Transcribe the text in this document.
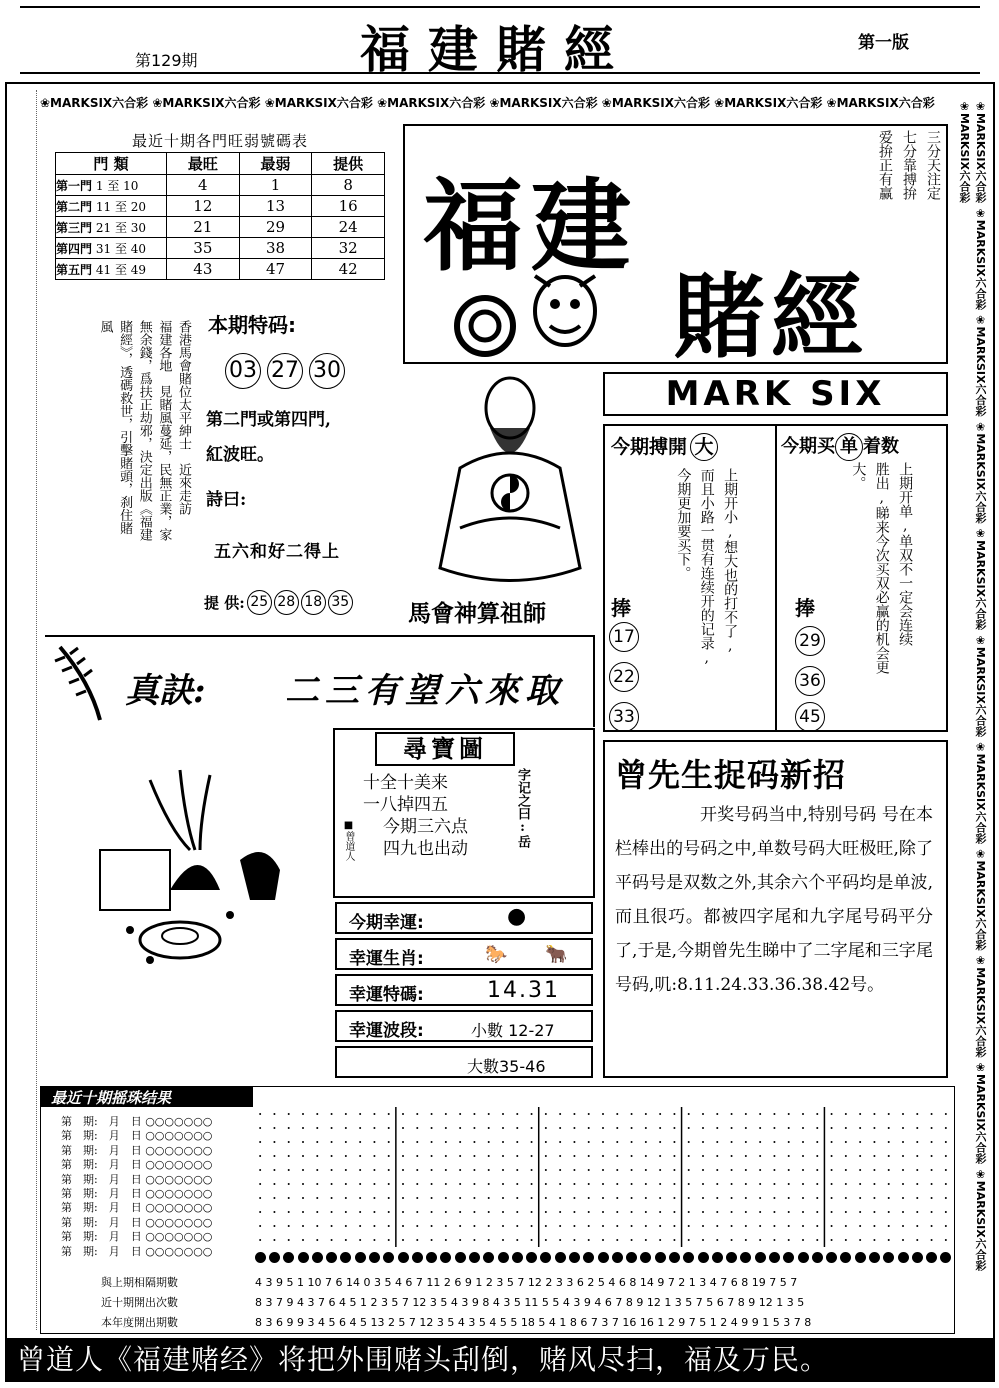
第129期	福建賭經	第一版
❀MARKSIX六合彩 ❀MARKSIX六合彩 ❀MARKSIX六合彩 ❀MARKSIX六合彩 ❀MARKSIX六合彩 ❀MARKSIX六合彩 ❀MARKSIX六合彩 ❀MARKSIX六合彩	❀MARKSIX六合彩 ❀MARKSIX六合彩 ❀MARKSIX六合彩 ❀MARKSIX六合彩 ❀MARKSIX六合彩 ❀MARKSIX六合彩 ❀MARKSIX六合彩 ❀MARKSIX六合彩 ❀MARKSIX六合彩 ❀MARKSIX六合彩 ❀MARKSIX六合彩 ❀MARKSIX六合彩
最近十期各門旺弱號碼表
門 類	最旺	最弱	提供
第一門 1 至 10	4	1	8
第二門 11 至 20	12	13	16
第三門 21 至 30	21	29	24
第四門 31 至 40	35	38	32
第五門 41 至 49	43	47	42 福建
賭經
三分天注定
七分靠搏拚
爱拚正有赢
香港馬會賭位太平紳士　近來走訪
福建各地　見賭風蔓延，民無正業，家
無余錢，爲扶正劫邪，決定出版《福建
賭經》，透碼救世，引擊賭頭，刹住賭
風	本期特码:
03 27 30
第二門或第四門,
紅波旺。
詩曰:
五六和好二得上
提 供: 25 28 18 35	馬會神算祖師
真訣: 二三有望六來取
MARK SIX
今期搏開 大
上期开小,想大也的打不了,
而且小路一贯有连续开的记录,
今期更加要买下。
捧
17
22
33
今期买 单 着数
上期开单,单双不一定会连续
胜出,睇来今次买双必赢的机会更
大。
捧
29
36
45
尋寶圖
十全十美来
一八掉四五
今期三六点
四九也出动
■曾道人	字记之曰:岳
今期幸運:	●
幸運生肖:	🐎 🐂
幸運特碼:	14.31
幸運波段:	小數 12-27
大數35-46
曾先生捉码新招
开奖号码当中,特别号码 号在本栏棒出的号码之中,单数号码大旺极旺,除了平码号是双数之外,其余六个平码均是单波,而且很巧。都被四字尾和九字尾号码平分了,于是,今期曾先生睇中了二字尾和三字尾号码,叽:8.11.24.33.36.38.42号。
最近十期摇珠结果
第　期:　月　日 ○○○○○○○
第　期:　月　日 ○○○○○○○
第　期:　月　日 ○○○○○○○
第　期:　月　日 ○○○○○○○
第　期:　月　日 ○○○○○○○
第　期:　月　日 ○○○○○○○
第　期:　月　日 ○○○○○○○
第　期:　月　日 ○○○○○○○
第　期:　月　日 ○○○○○○○
第　期:　月　日 ○○○○○○○
與上期相隔期數
近十期開出次數
本年度開出期數
4 3 9 5 1 10 7 6 14 0 3 5 4 6 7 11 2 6 9 1 2 3 5 7 12 2 3 3 6 2 5 4 6 8 14 9 7 2 1 3 4 7 6 8 19 7 5 7
8 3 7 9 4 3 7 6 4 5 1 2 3 5 7 12 3 5 4 3 9 8 4 3 5 11 5 5 4 3 9 4 6 7 8 9 12 1 3 5 7 5 6 7 8 9 12 1 3 5
8 3 6 9 9 3 4 5 6 4 5 13 2 5 7 12 3 5 4 3 5 4 5 5 18 5 4 1 8 6 7 3 7 16 16 1 2 9 7 5 1 2 4 9 9 1 5 3 7 8
曾道人《福建赌经》将把外围赌头刮倒，赌风尽扫，福及万民。
